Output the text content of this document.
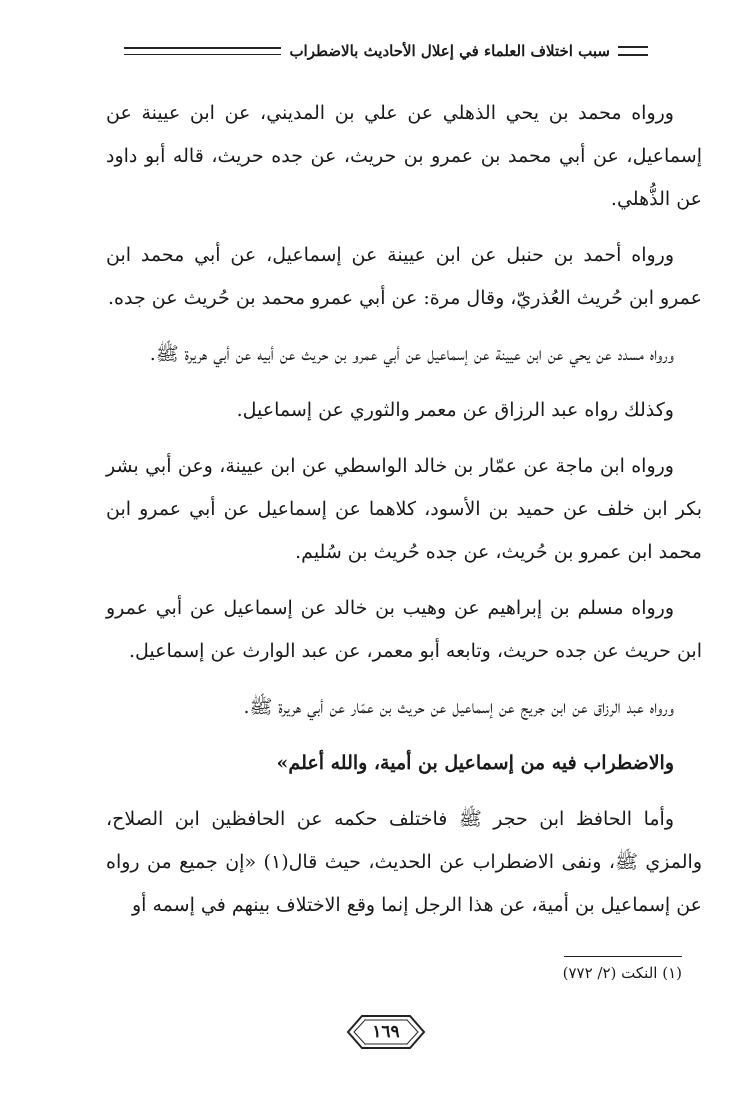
سبب اختلاف العلماء في إعلال الأحاديث بالاضطراب

ورواه محمد بن يحي الذهلي عن علي بن المديني، عن ابن عيينة عن إسماعيل، عن أبي محمد بن عمرو بن حريث، عن جده حريث، قاله أبو داود عن الذُّهلي.

ورواه أحمد بن حنبل عن ابن عيينة عن إسماعيل، عن أبي محمد ابن عمرو ابن حُريث العُذريّ، وقال مرة: عن أبي عمرو محمد بن حُريث عن جده.

ورواه مسدد عن يحي عن ابن عيينة عن إسماعيل عن أبي عمرو بن حريث عن أبيه عن أبي هريرة ﷺ.

وكذلك رواه عبد الرزاق عن معمر والثوري عن إسماعيل.

ورواه ابن ماجة عن عمّار بن خالد الواسطي عن ابن عيينة، وعن أبي بشر بكر ابن خلف عن حميد بن الأسود، كلاهما عن إسماعيل عن أبي عمرو ابن محمد ابن عمرو بن حُريث، عن جده حُريث بن سُليم.

ورواه مسلم بن إبراهيم عن وهيب بن خالد عن إسماعيل عن أبي عمرو ابن حريث عن جده حريث، وتابعه أبو معمر، عن عبد الوارث عن إسماعيل.

ورواه عبد الرزاق عن ابن جريج عن إسماعيل عن حريث بن عمّار عن أبي هريرة ﷺ.

والاضطراب فيه من إسماعيل بن أمية، والله أعلم»

وأما الحافظ ابن حجر ﷺ فاختلف حكمه عن الحافظين ابن الصلاح، والمزي ﷺ، ونفى الاضطراب عن الحديث، حيث قال(١) «إن جميع من رواه عن إسماعيل بن أمية، عن هذا الرجل إنما وقع الاختلاف بينهم في إسمه أو

(١) النكت (٢/ ٧٧٢)
١٦٩
